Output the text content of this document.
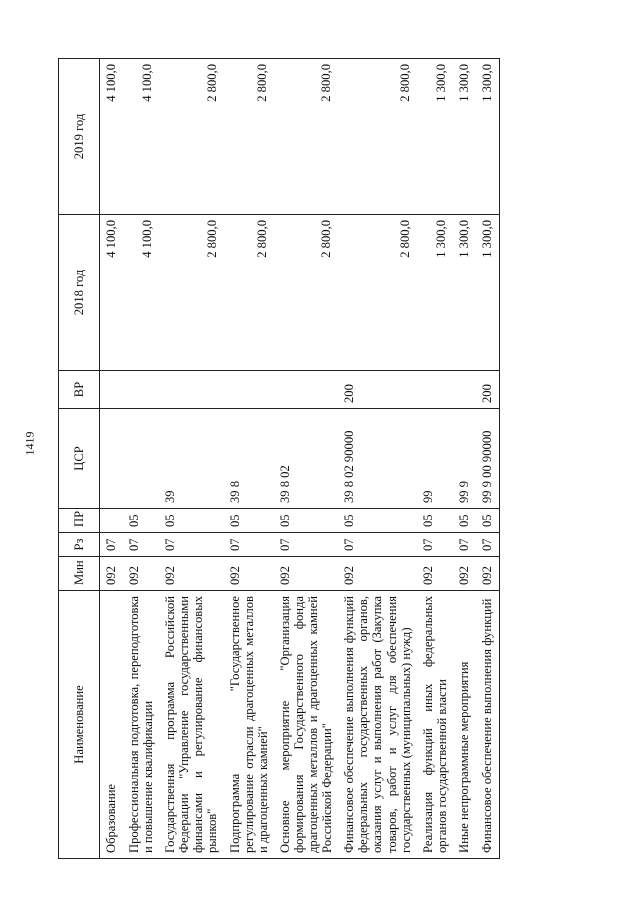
1419
Наименование	Мин	Рз	ПР	ЦСР	ВР	2018 год	2019 год
Образование	092	07				4 100,0	4 100,0
Профессиональная подготовка, переподготовка и повышение квалификации	092	07	05			4 100,0	4 100,0
Государственная программа Российской Федерации "Управление государственными финансами и регулирование финансовых рынков"	092	07	05	39		2 800,0	2 800,0
Подпрограмма "Государственное регулирование отрасли драгоценных металлов и драгоценных камней"	092	07	05	39 8		2 800,0	2 800,0
Основное мероприятие "Организация формирования Государственного фонда драгоценных металлов и драгоценных камней Российской Федерации"	092	07	05	39 8 02		2 800,0	2 800,0
Финансовое обеспечение выполнения функций федеральных государственных органов, оказания услуг и выполнения работ (Закупка товаров, работ и услуг для обеспечения государственных (муниципальных) нужд)	092	07	05	39 8 02 90000	200	2 800,0	2 800,0
Реализация функций иных федеральных органов государственной власти	092	07	05	99		1 300,0	1 300,0
Иные непрограммные мероприятия	092	07	05	99 9		1 300,0	1 300,0
Финансовое обеспечение выполнения функций	092	07	05	99 9 00 90000	200	1 300,0	1 300,0
